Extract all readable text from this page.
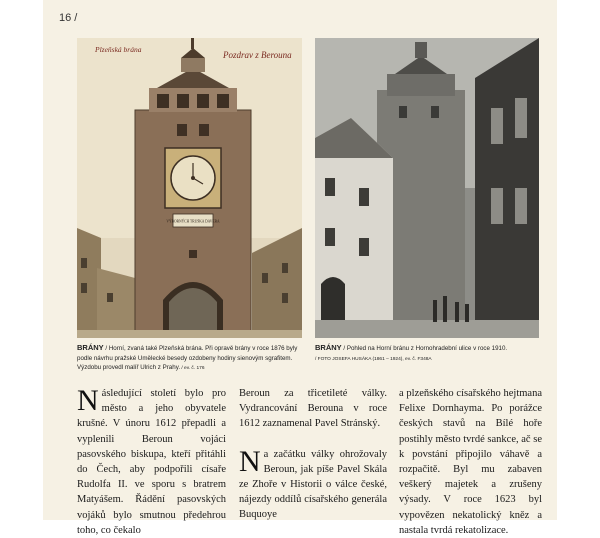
16 /
VÝBORNÝCH TRUŠKA DAVERA
Plzeňská brána
Pozdrav z Berouna
BRÁNY / Horní, zvaná také Plzeňská brána. Při opravě brány v roce 1876 byly podle návrhu pražské Umělecké besedy ozdobeny hodiny sienovým sgrafitem. Výzdobu provedl malíř Ulrich z Prahy. / ev. č. 176
BRÁNY / Pohled na Horní bránu z Hornohradební ulice v roce 1910.
/ FOTO JOSEFA HUSÁKA (1861 – 1924), ev. č. F348A

Následující století bylo pro město a jeho obyvatele krušné. V únoru 1612 přepadli a vyplenili Beroun vojáci pasovského biskupa, kteří přitáhli do Čech, aby podpořili císaře Rudolfa II. ve sporu s bratrem Matyášem. Řádění pasovských vojáků bylo smutnou předehrou toho, co čekalo

Beroun za třicetileté války. Vydrancování Berouna v roce 1612 zaznamenal Pavel Stránský.

Na začátku války ohrožovaly Beroun, jak píše Pavel Skála ze Zhoře v Historii o válce české, nájezdy oddílů císařského generála Buquoye

a plzeňského císařského hejtmana Felixe Dornhayma. Po porážce českých stavů na Bílé hoře postihly město tvrdé sankce, ač se k povstání připojilo váhavě a rozpačitě. Byl mu zabaven veškerý majetek a zrušeny výsady. V roce 1623 byl vypovězen nekatolický kněz a nastala tvrdá rekatolizace.
